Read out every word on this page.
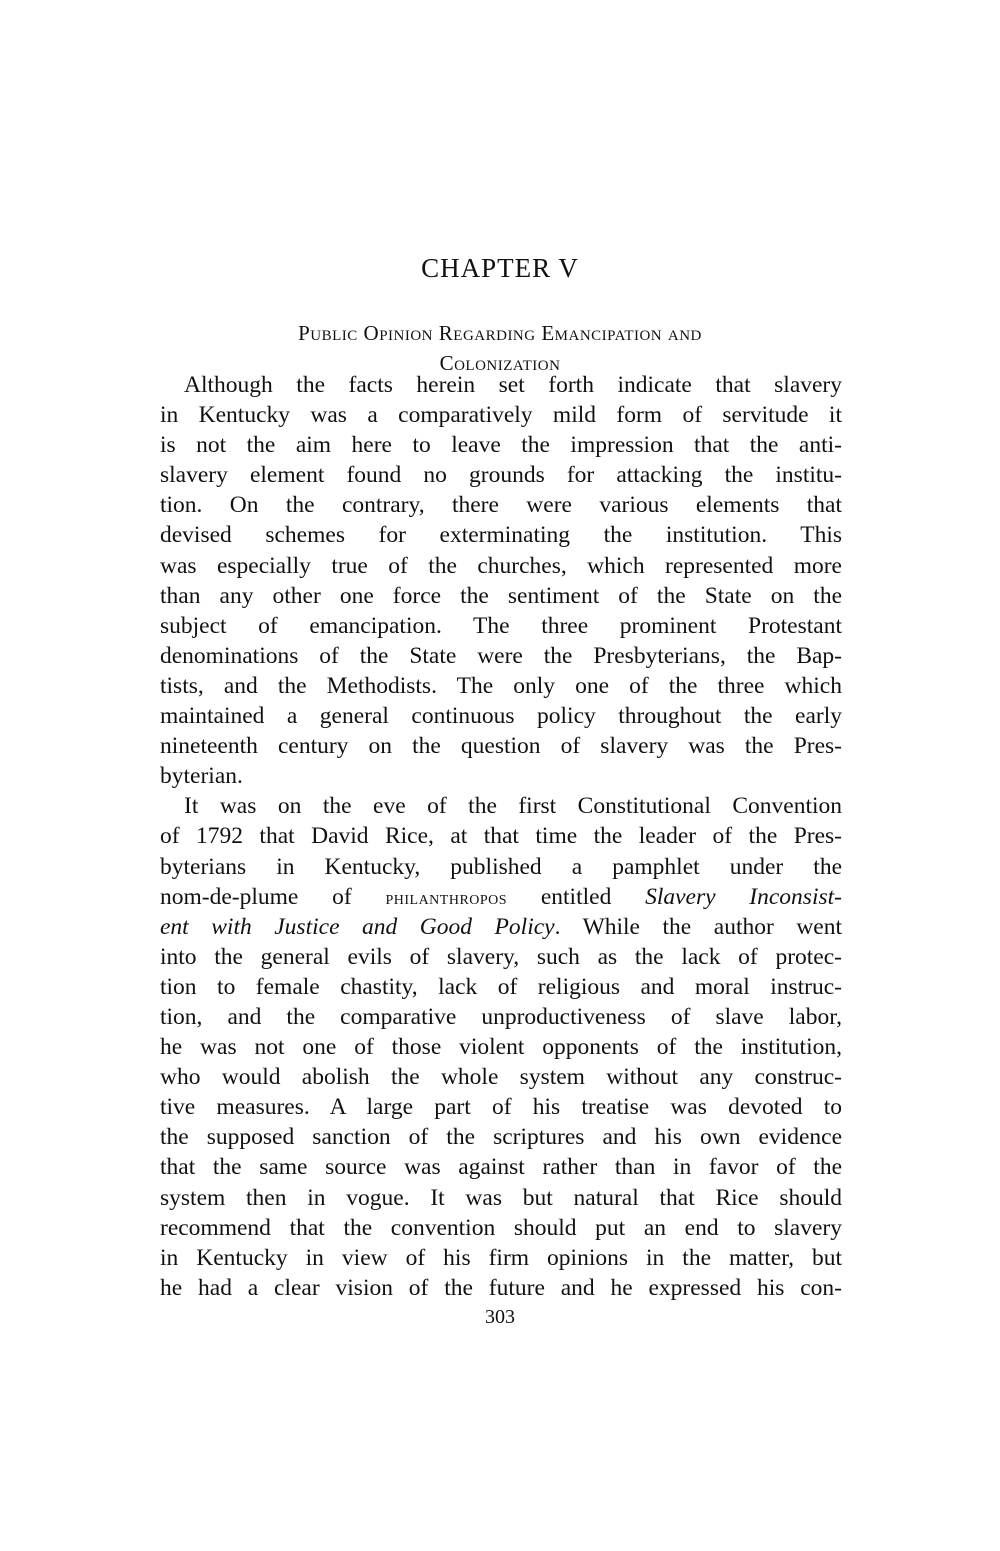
CHAPTER V
Public Opinion Regarding Emancipation and
Colonization
Although the facts herein set forth indicate that slavery
in Kentucky was a comparatively mild form of servitude it
is not the aim here to leave the impression that the anti-
slavery element found no grounds for attacking the institu-
tion. On the contrary, there were various elements that
devised schemes for exterminating the institution. This
was especially true of the churches, which represented more
than any other one force the sentiment of the State on the
subject of emancipation. The three prominent Protestant
denominations of the State were the Presbyterians, the Bap-
tists, and the Methodists. The only one of the three which
maintained a general continuous policy throughout the early
nineteenth century on the question of slavery was the Pres-
byterian.
It was on the eve of the first Constitutional Convention
of 1792 that David Rice, at that time the leader of the Pres-
byterians in Kentucky, published a pamphlet under the
nom-de-plume of philanthropos entitled Slavery Inconsist-
ent with Justice and Good Policy. While the author went
into the general evils of slavery, such as the lack of protec-
tion to female chastity, lack of religious and moral instruc-
tion, and the comparative unproductiveness of slave labor,
he was not one of those violent opponents of the institution,
who would abolish the whole system without any construc-
tive measures. A large part of his treatise was devoted to
the supposed sanction of the scriptures and his own evidence
that the same source was against rather than in favor of the
system then in vogue. It was but natural that Rice should
recommend that the convention should put an end to slavery
in Kentucky in view of his firm opinions in the matter, but
he had a clear vision of the future and he expressed his con-
303
